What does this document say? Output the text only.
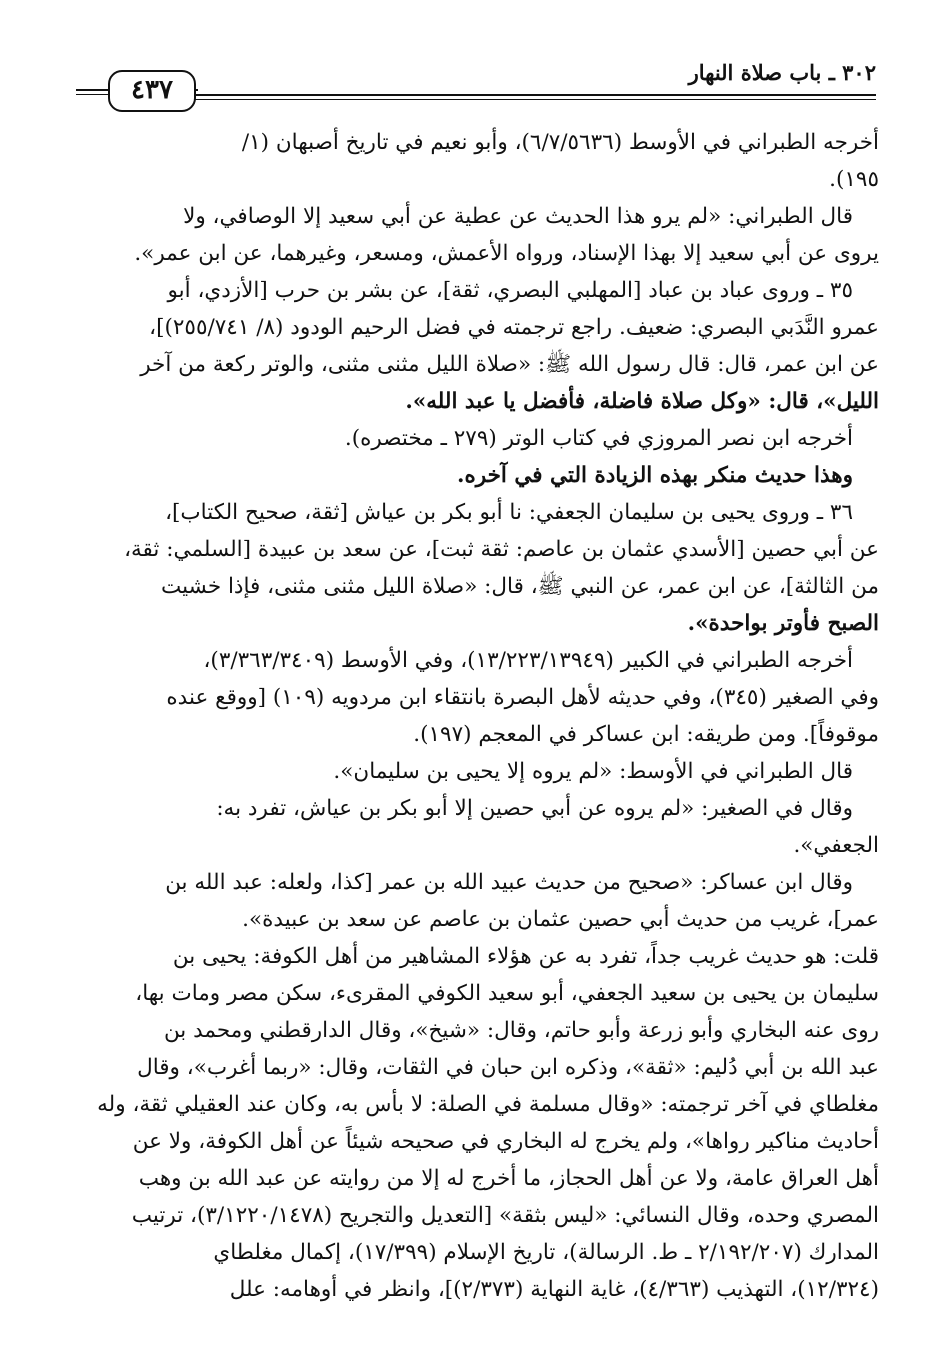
٣٠٢ ـ باب صلاة النهار
٤٣٧
أخرجه الطبراني في الأوسط (٦/٧/٥٦٣٦)، وأبو نعيم في تاريخ أصبهان (١/
١٩٥).
قال الطبراني: «لم يرو هذا الحديث عن عطية عن أبي سعيد إلا الوصافي، ولا
يروى عن أبي سعيد إلا بهذا الإسناد، ورواه الأعمش، ومسعر، وغيرهما، عن ابن عمر».
٣٥ ـ وروى عباد بن عباد [المهلبي البصري، ثقة]، عن بشر بن حرب [الأزدي، أبو
عمرو النَّدَبي البصري: ضعيف. راجع ترجمته في فضل الرحيم الودود (٨/ ٢٥٥/٧٤١)]،
عن ابن عمر، قال: قال رسول الله ﷺ: «صلاة الليل مثنى مثنى، والوتر ركعة من آخر
الليل»، قال: «وكل صلاة فاضلة، فأفضل يا عبد الله».
أخرجه ابن نصر المروزي في كتاب الوتر (٢٧٩ ـ مختصره).
وهذا حديث منكر بهذه الزيادة التي في آخره.
٣٦ ـ وروى يحيى بن سليمان الجعفي: نا أبو بكر بن عياش [ثقة، صحيح الكتاب]،
عن أبي حصين [الأسدي عثمان بن عاصم: ثقة ثبت]، عن سعد بن عبيدة [السلمي: ثقة،
من الثالثة]، عن ابن عمر، عن النبي ﷺ، قال: «صلاة الليل مثنى مثنى، فإذا خشيت
الصبح فأوتر بواحدة».
أخرجه الطبراني في الكبير (١٣/٢٢٣/١٣٩٤٩)، وفي الأوسط (٣/٣٦٣/٣٤٠٩)،
وفي الصغير (٣٤٥)، وفي حديثه لأهل البصرة بانتقاء ابن مردويه (١٠٩) [ووقع عنده
موقوفاً]. ومن طريقه: ابن عساكر في المعجم (١٩٧).
قال الطبراني في الأوسط: «لم يروه إلا يحيى بن سليمان».
وقال في الصغير: «لم يروه عن أبي حصين إلا أبو بكر بن عياش، تفرد به:
الجعفي».
وقال ابن عساكر: «صحيح من حديث عبيد الله بن عمر [كذا، ولعله: عبد الله بن
عمر]، غريب من حديث أبي حصين عثمان بن عاصم عن سعد بن عبيدة».
قلت: هو حديث غريب جداً، تفرد به عن هؤلاء المشاهير من أهل الكوفة: يحيى بن
سليمان بن يحيى بن سعيد الجعفي، أبو سعيد الكوفي المقرىء، سكن مصر ومات بها،
روى عنه البخاري وأبو زرعة وأبو حاتم، وقال: «شيخ»، وقال الدارقطني ومحمد بن
عبد الله بن أبي دُليم: «ثقة»، وذكره ابن حبان في الثقات، وقال: «ربما أغرب»، وقال
مغلطاي في آخر ترجمته: «وقال مسلمة في الصلة: لا بأس به، وكان عند العقيلي ثقة، وله
أحاديث مناكير رواها»، ولم يخرج له البخاري في صحيحه شيئاً عن أهل الكوفة، ولا عن
أهل العراق عامة، ولا عن أهل الحجاز، ما أخرج له إلا من روايته عن عبد الله بن وهب
المصري وحده، وقال النسائي: «ليس بثقة» [التعديل والتجريح (٣/١٢٢٠/١٤٧٨)، ترتيب
المدارك (٢/١٩٢/٢٠٧ ـ ط. الرسالة)، تاريخ الإسلام (١٧/٣٩٩)، إكمال مغلطاي
(١٢/٣٢٤)، التهذيب (٤/٣٦٣)، غاية النهاية (٢/٣٧٣)]، وانظر في أوهامه: علل
